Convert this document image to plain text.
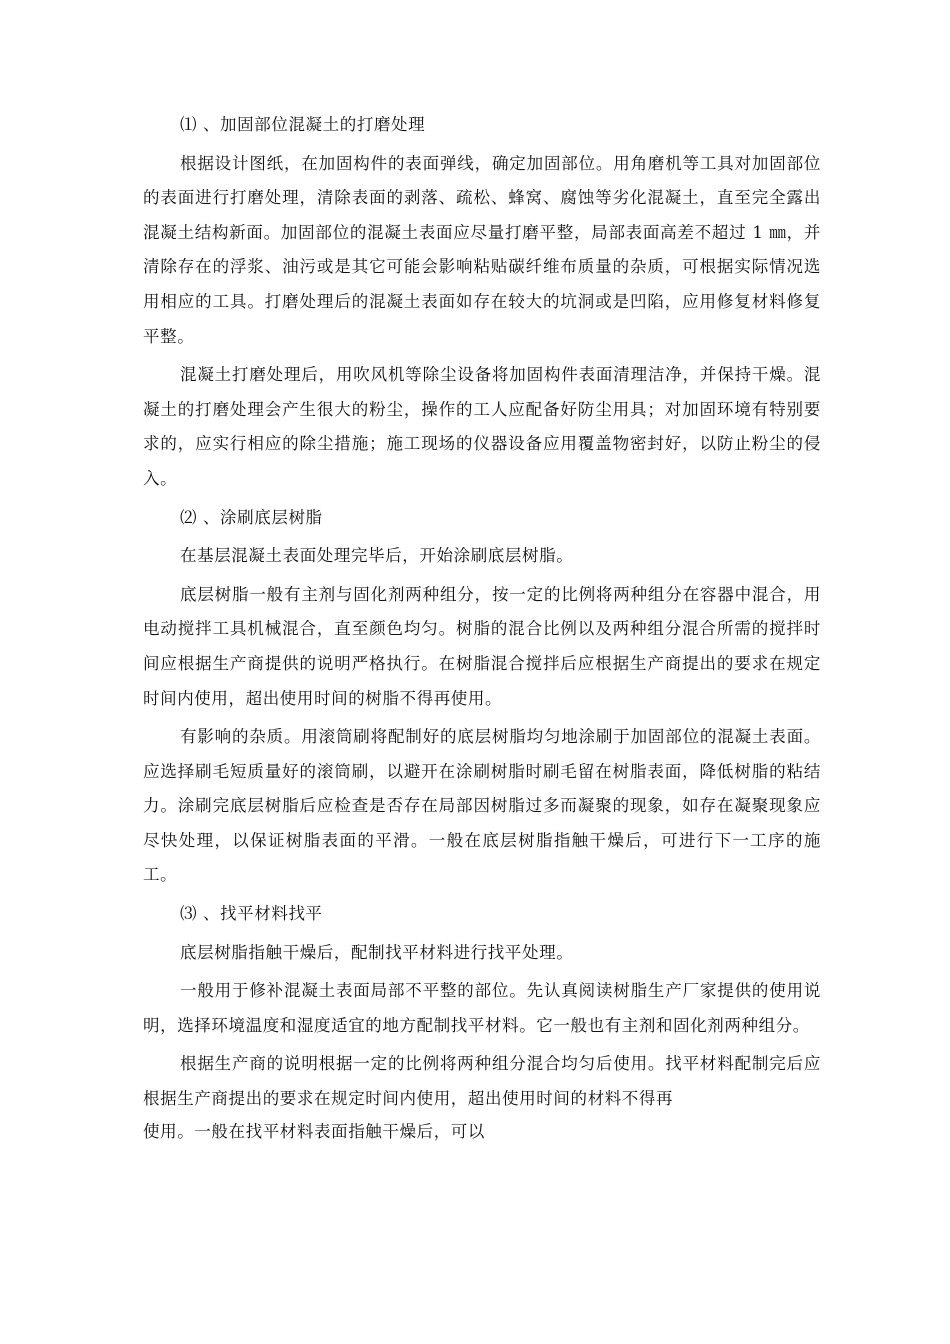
⑴ 、加固部位混凝土的打磨处理

根据设计图纸，在加固构件的表面弹线，确定加固部位。用角磨机等工具对加固部位的表面进行打磨处理，清除表面的剥落、疏松、蜂窝、腐蚀等劣化混凝土，直至完全露出混凝土结构新面。加固部位的混凝土表面应尽量打磨平整，局部表面高差不超过 1 ㎜，并清除存在的浮浆、油污或是其它可能会影响粘贴碳纤维布质量的杂质，可根据实际情况选用相应的工具。打磨处理后的混凝土表面如存在较大的坑洞或是凹陷，应用修复材料修复平整。

混凝土打磨处理后，用吹风机等除尘设备将加固构件表面清理洁净，并保持干燥。混凝土的打磨处理会产生很大的粉尘，操作的工人应配备好防尘用具；对加固环境有特别要求的，应实行相应的除尘措施；施工现场的仪器设备应用覆盖物密封好，以防止粉尘的侵入。

⑵ 、涂刷底层树脂

在基层混凝土表面处理完毕后，开始涂刷底层树脂。

底层树脂一般有主剂与固化剂两种组分，按一定的比例将两种组分在容器中混合，用电动搅拌工具机械混合，直至颜色均匀。树脂的混合比例以及两种组分混合所需的搅拌时间应根据生产商提供的说明严格执行。在树脂混合搅拌后应根据生产商提出的要求在规定时间内使用，超出使用时间的树脂不得再使用。

有影响的杂质。用滚筒刷将配制好的底层树脂均匀地涂刷于加固部位的混凝土表面。应选择刷毛短质量好的滚筒刷，以避开在涂刷树脂时刷毛留在树脂表面，降低树脂的粘结力。涂刷完底层树脂后应检查是否存在局部因树脂过多而凝聚的现象，如存在凝聚现象应尽快处理，以保证树脂表面的平滑。一般在底层树脂指触干燥后，可进行下一工序的施工。

⑶ 、找平材料找平

底层树脂指触干燥后，配制找平材料进行找平处理。

一般用于修补混凝土表面局部不平整的部位。先认真阅读树脂生产厂家提供的使用说明，选择环境温度和湿度适宜的地方配制找平材料。它一般也有主剂和固化剂两种组分。

根据生产商的说明根据一定的比例将两种组分混合均匀后使用。找平材料配制完后应根据生产商提出的要求在规定时间内使用，超出使用时间的材料不得再

使用。一般在找平材料表面指触干燥后，可以
